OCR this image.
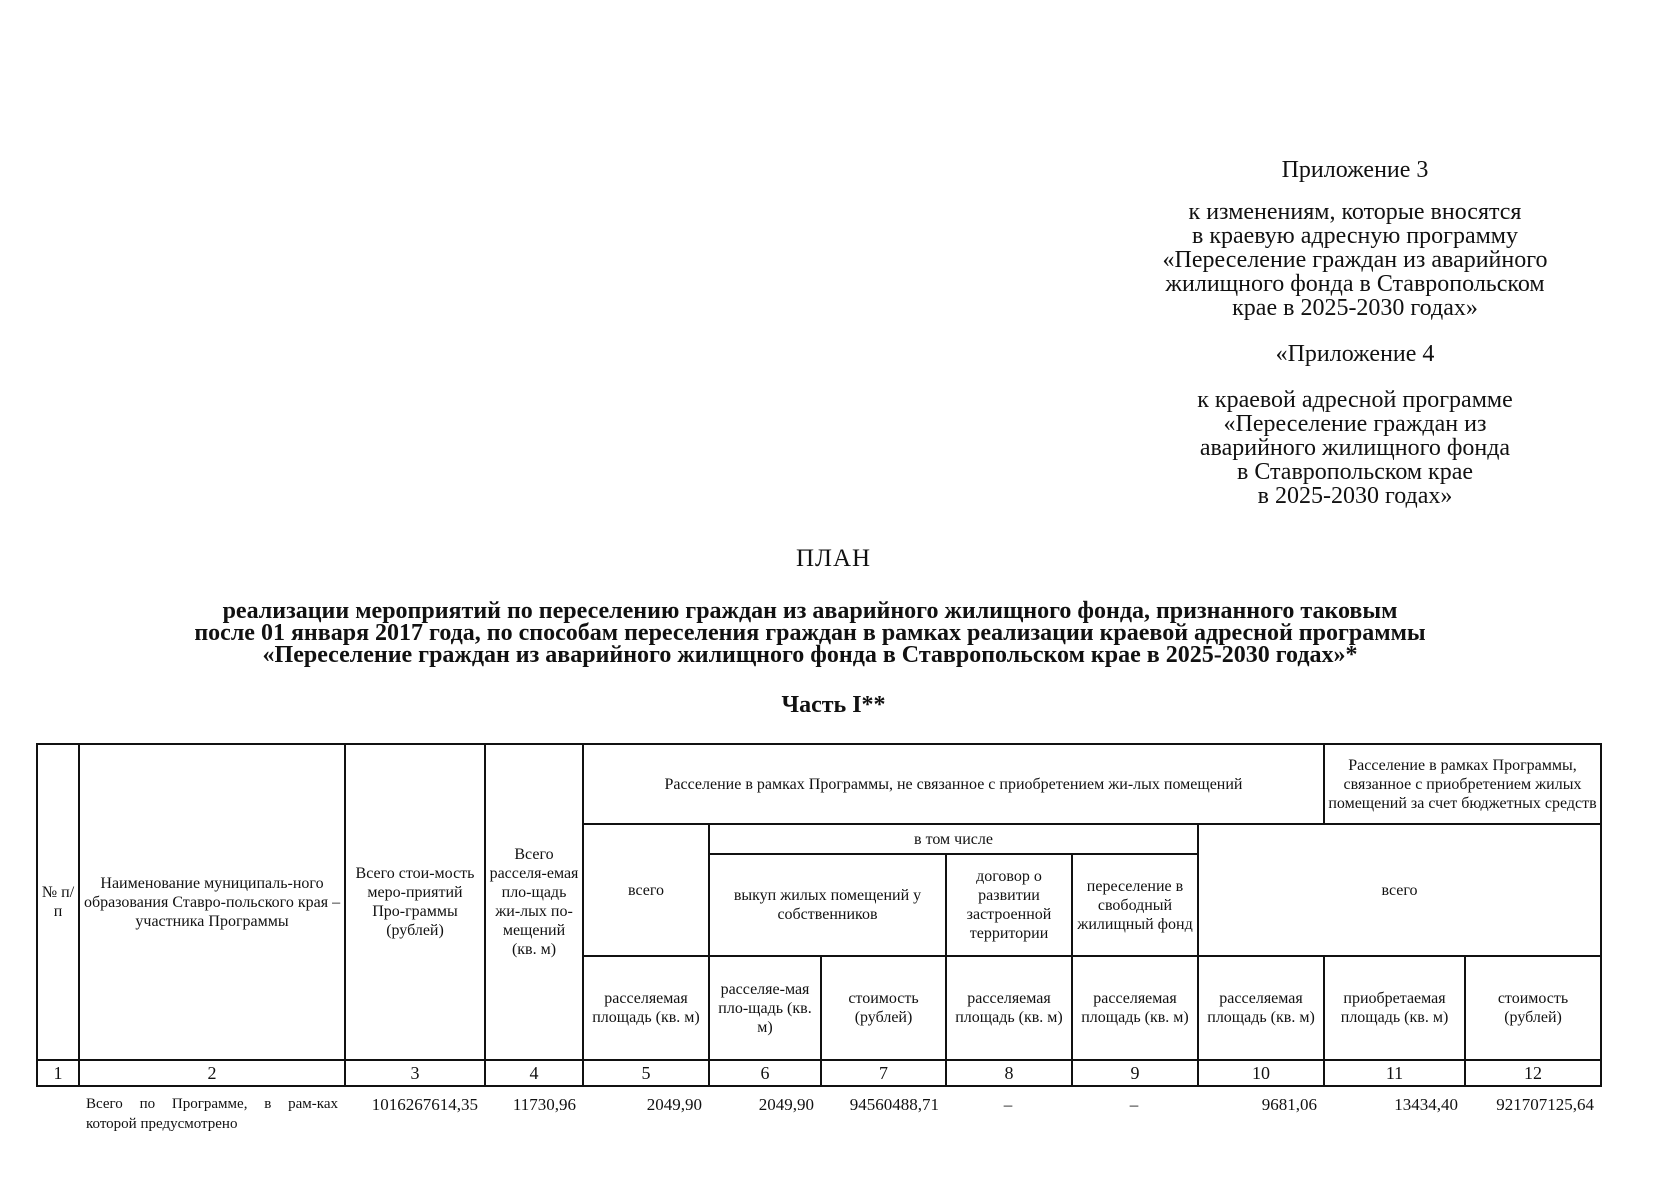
Приложение 3
к изменениям, которые вносятся
в краевую адресную программу
«Переселение граждан из аварийного
жилищного фонда в Ставропольском
крае в 2025-2030 годах»
«Приложение 4
к краевой адресной программе
«Переселение граждан из
аварийного жилищного фонда
в Ставропольском крае
в 2025-2030 годах»
ПЛАН
реализации мероприятий по переселению граждан из аварийного жилищного фонда, признанного таковым
после 01 января 2017 года, по способам переселения граждан в рамках реализации краевой адресной программы
«Переселение граждан из аварийного жилищного фонда в Ставропольском крае в 2025-2030 годах»*
Часть I**
№ п/п	Наименование муниципаль-ного образования Ставро-польского края – участника Программы	Всего стои-мость меро-приятий Про-граммы (рублей)	Всего расселя-емая пло-щадь жи-лых по-мещений (кв. м)	Расселение в рамках Программы, не связанное с приобретением жи-лых помещений						Расселение в рамках Программы, связанное с приобретением жилых помещений за счет бюджетных средств	
				всего	в том числе				всего		
					выкуп жилых помещений у собственников		договор о развитии застроенной территории	переселение в свободный жилищный фонд			
				расселяемая площадь (кв. м)	расселяе-мая пло-щадь (кв. м)	стоимость (рублей)	расселяемая площадь (кв. м)	расселяемая площадь (кв. м)	расселяемая площадь (кв. м)	приобретаемая площадь (кв. м)	стоимость (рублей)
1	2	3	4	5	6	7	8	9	10	11	12
	Всего по Программе, в рам-ках которой предусмотрено	1016267614,35	11730,96	2049,90	2049,90	94560488,71	–	–	9681,06	13434,40	921707125,64
